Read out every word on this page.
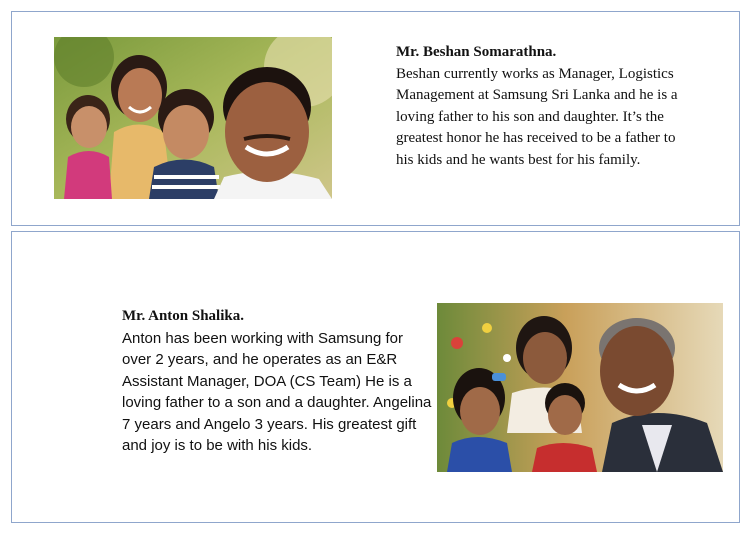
Mr. Beshan Somarathna.
Beshan currently works as Manager, Logistics Management at Samsung Sri Lanka and he is a loving father to his son and daughter. It’s the greatest honor he has received to be a father to his kids and he wants best for his family.
Mr. Anton Shalika.
Anton has been working with Samsung for over 2 years, and he operates as an E&R Assistant Manager, DOA (CS Team) He is a loving father to a son and a daughter. Angelina 7 years and Angelo 3 years. His greatest gift and joy is to be with his kids.
